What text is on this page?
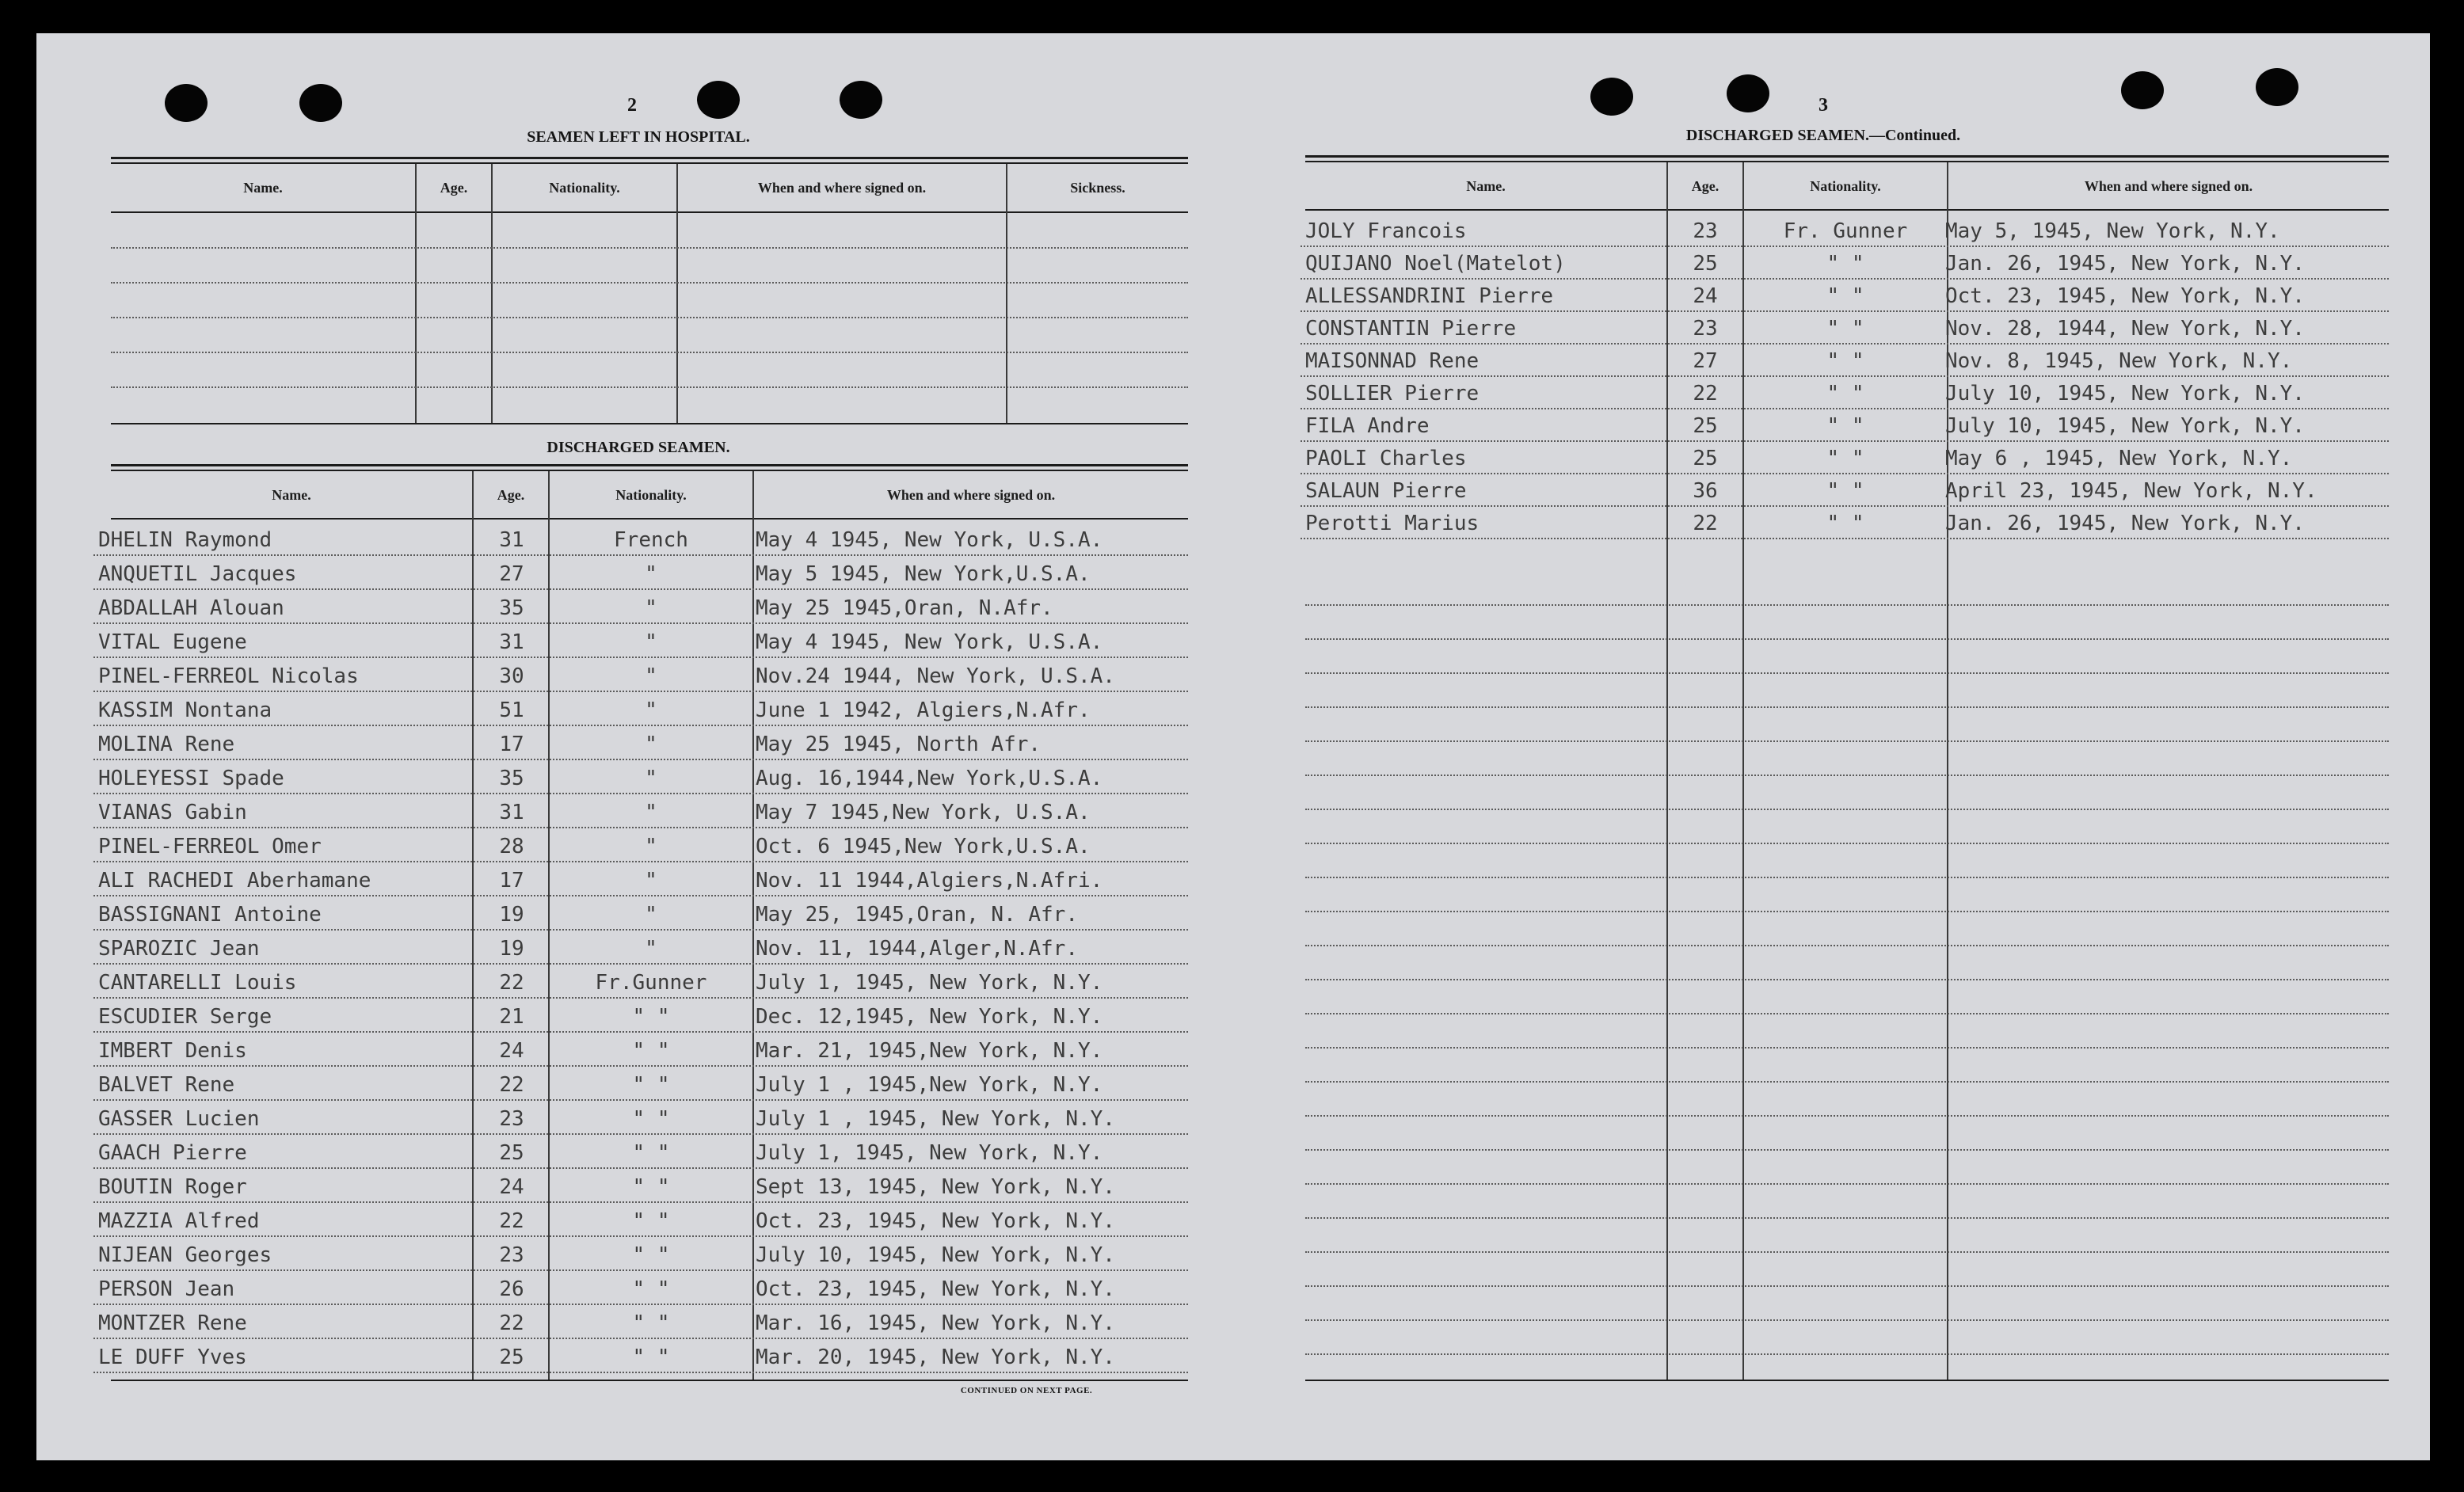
2
SEAMEN LEFT IN HOSPITAL.
Name.	Age.	Nationality.	When and where signed on.	Sickness.
DISCHARGED SEAMEN.
Name.	Age.	Nationality.	When and where signed on.
DHELIN Raymond	31	French	May 4 1945, New York, U.S.A.
ANQUETIL Jacques	27	"	May 5 1945, New York,U.S.A.
ABDALLAH Alouan	35	"	May 25 1945,Oran, N.Afr.
VITAL Eugene	31	"	May 4 1945, New York, U.S.A.
PINEL-FERREOL Nicolas	30	"	Nov.24 1944, New York, U.S.A.
KASSIM Nontana	51	"	June 1 1942, Algiers,N.Afr.
MOLINA Rene	17	"	May 25 1945, North Afr.
HOLEYESSI Spade	35	"	Aug. 16,1944,New York,U.S.A.
VIANAS Gabin	31	"	May 7 1945,New York, U.S.A.
PINEL-FERREOL Omer	28	"	Oct. 6 1945,New York,U.S.A.
ALI RACHEDI Aberhamane	17	"	Nov. 11 1944,Algiers,N.Afri.
BASSIGNANI Antoine	19	"	May 25, 1945,Oran, N. Afr.
SPAROZIC Jean	19	"	Nov. 11, 1944,Alger,N.Afr.
CANTARELLI Louis	22	Fr.Gunner	July 1, 1945, New York, N.Y.
ESCUDIER Serge	21	" "	Dec. 12,1945, New York, N.Y.
IMBERT Denis	24	" "	Mar. 21, 1945,New York, N.Y.
BALVET Rene	22	" "	July 1 , 1945,New York, N.Y.
GASSER Lucien	23	" "	July 1 , 1945, New York, N.Y.
GAACH Pierre	25	" "	July 1, 1945, New York, N.Y.
BOUTIN Roger	24	" "	Sept 13, 1945, New York, N.Y.
MAZZIA Alfred	22	" "	Oct. 23, 1945, New York, N.Y.
NIJEAN Georges	23	" "	July 10, 1945, New York, N.Y.
PERSON Jean	26	" "	Oct. 23, 1945, New York, N.Y.
MONTZER Rene	22	" "	Mar. 16, 1945, New York, N.Y.
LE DUFF Yves	25	" "	Mar. 20, 1945, New York, N.Y.
CONTINUED ON NEXT PAGE.
3
DISCHARGED SEAMEN.—Continued.
Name.	Age.	Nationality.	When and where signed on.
JOLY Francois	23	Fr. Gunner	May 5, 1945, New York, N.Y.
QUIJANO Noel(Matelot)	25	" "	Jan. 26, 1945, New York, N.Y.
ALLESSANDRINI Pierre	24	" "	Oct. 23, 1945, New York, N.Y.
CONSTANTIN Pierre	23	" "	Nov. 28, 1944, New York, N.Y.
MAISONNAD Rene	27	" "	Nov. 8, 1945, New York, N.Y.
SOLLIER Pierre	22	" "	July 10, 1945, New York, N.Y.
FILA Andre	25	" "	July 10, 1945, New York, N.Y.
PAOLI Charles	25	" "	May 6 , 1945, New York, N.Y.
SALAUN Pierre	36	" "	April 23, 1945, New York, N.Y.
Perotti Marius	22	" "	Jan. 26, 1945, New York, N.Y.
